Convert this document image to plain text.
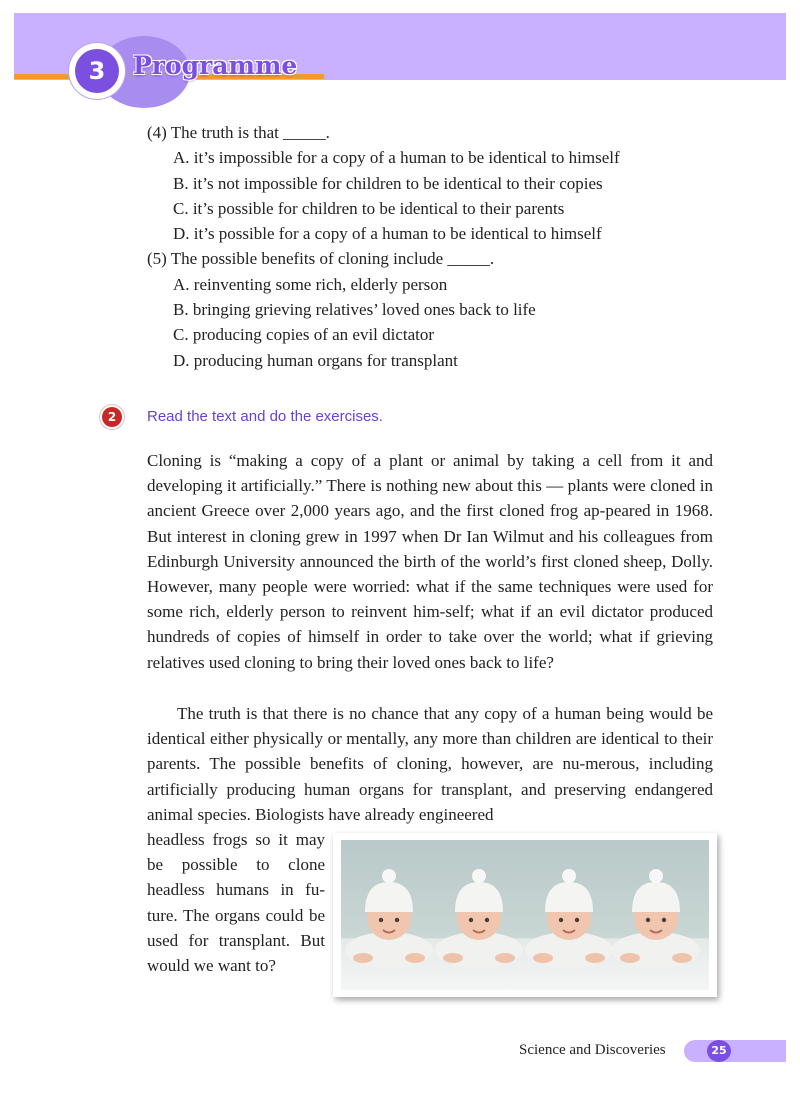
3	Programme
(4) The truth is that _____.
A. it’s impossible for a copy of a human to be identical to himself
B. it’s not impossible for children to be identical to their copies
C. it’s possible for children to be identical to their parents
D. it’s possible for a copy of a human to be identical to himself
(5) The possible benefits of cloning include _____.
A. reinventing some rich, elderly person
B. bringing grieving relatives’ loved ones back to life
C. producing copies of an evil dictator
D. producing human organs for transplant
2	Read the text and do the exercises.

Cloning is “making a copy of a plant or animal by taking a cell from it and developing it artificially.” There is nothing new about this — plants were cloned in ancient Greece over 2,000 years ago, and the first cloned frog ap-peared in 1968. But interest in cloning grew in 1997 when Dr Ian Wilmut and his colleagues from Edinburgh University announced the birth of the world’s first cloned sheep, Dolly. However, many people were worried: what if the same techniques were used for some rich, elderly person to reinvent him-self; what if an evil dictator produced hundreds of copies of himself in order to take over the world; what if grieving relatives used cloning to bring their loved ones back to life?

The truth is that there is no chance that any copy of a human being would be identical either physically or mentally, any more than children are identical to their parents. The possible benefits of cloning, however, are nu-merous, including artificially producing human organs for transplant, and preserving endangered animal species. Biologists have already engineered

headless frogs so it may be possible to clone headless humans in fu-ture. The organs could be used for transplant. But would we want to?
Science and Discoveries	25
